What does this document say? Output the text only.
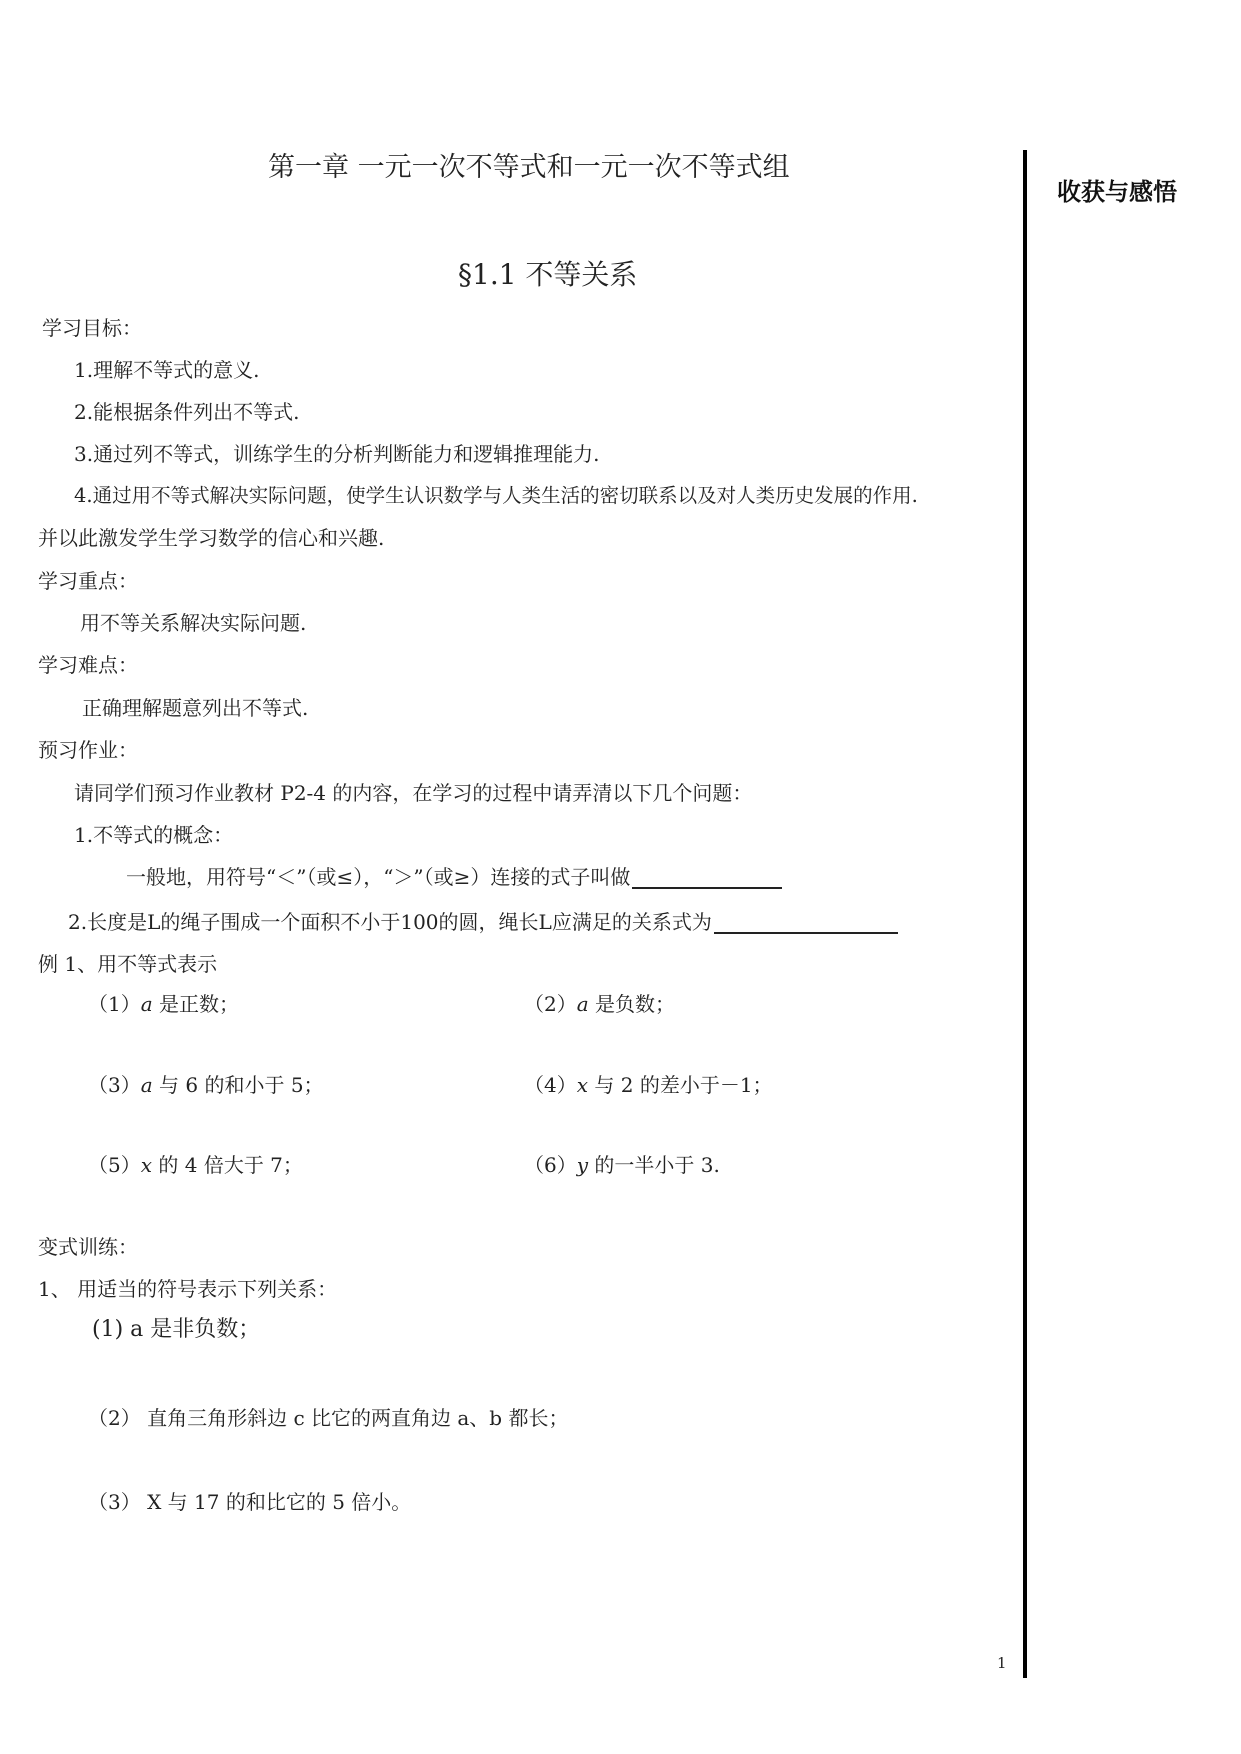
收获与感悟
第一章 一元一次不等式和一元一次不等式组
§1.1 不等关系
学习目标：
1.理解不等式的意义.
2.能根据条件列出不等式.
3.通过列不等式，训练学生的分析判断能力和逻辑推理能力.
4.通过用不等式解决实际问题，使学生认识数学与人类生活的密切联系以及对人类历史发展的作用.
并以此激发学生学习数学的信心和兴趣.
学习重点：
用不等关系解决实际问题.
学习难点：
正确理解题意列出不等式.
预习作业：
请同学们预习作业教材 P2-4 的内容，在学习的过程中请弄清以下几个问题：
1.不等式的概念：
一般地，用符号“＜”（或≤），“＞”（或≥）连接的式子叫做
2.长度是L的绳子围成一个面积不小于100的圆，绳长L应满足的关系式为
例 1、用不等式表示
（1）a 是正数；	（2）a 是负数；
（3）a 与 6 的和小于 5；	（4）x 与 2 的差小于－1；
（5）x 的 4 倍大于 7；	（6）y 的一半小于 3.
变式训练：
1、 用适当的符号表示下列关系：
(1) a 是非负数；
（2） 直角三角形斜边 c 比它的两直角边 a、b 都长；
（3） X 与 17 的和比它的 5 倍小。
1
